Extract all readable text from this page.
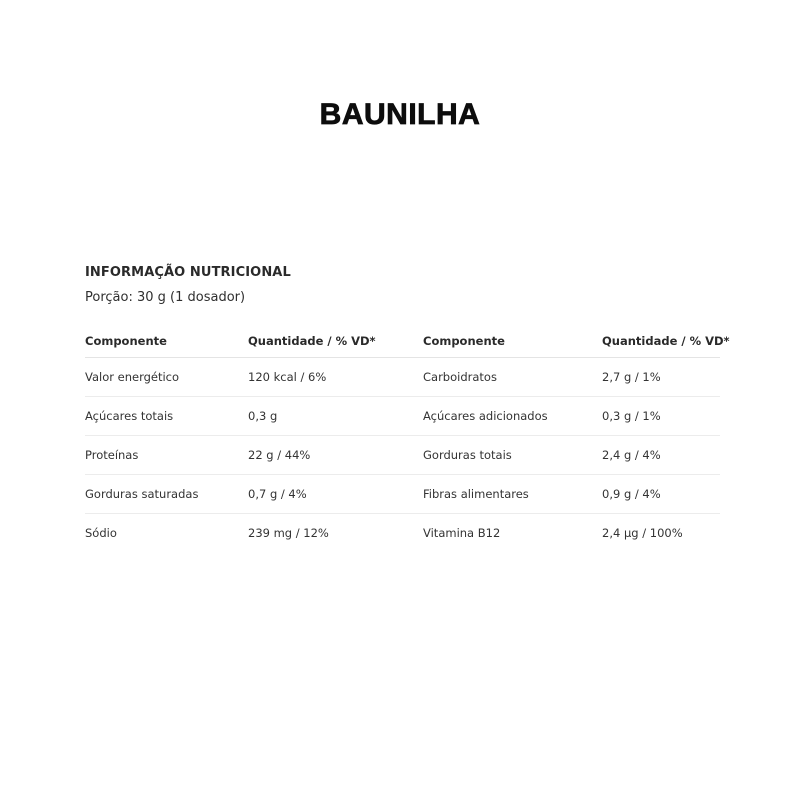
BAUNILHA
INFORMAÇÃO NUTRICIONAL
Porção: 30 g (1 dosador)
Componente	Quantidade / % VD*	Componente	Quantidade / % VD*
Valor energético	120 kcal / 6%	Carboidratos	2,7 g / 1%
Açúcares totais	0,3 g	Açúcares adicionados	0,3 g / 1%
Proteínas	22 g / 44%	Gorduras totais	2,4 g / 4%
Gorduras saturadas	0,7 g / 4%	Fibras alimentares	0,9 g / 4%
Sódio	239 mg / 12%	Vitamina B12	2,4 µg / 100%
